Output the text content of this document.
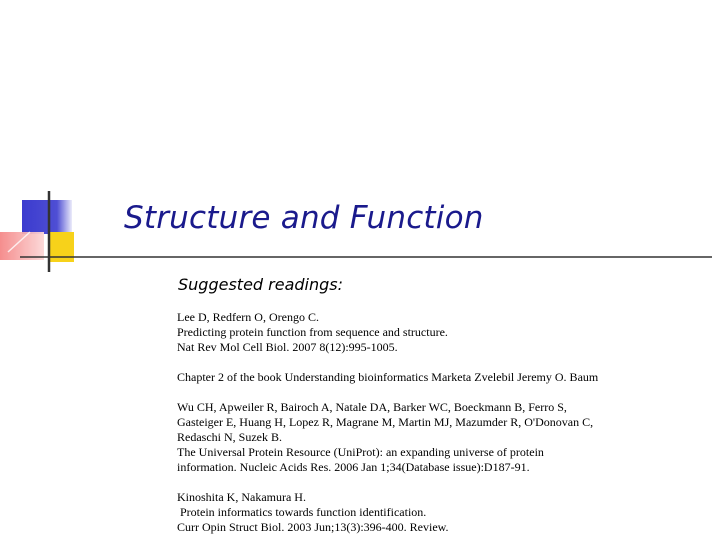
Structure and Function
Suggested readings:

Lee D, Redfern O, Orengo C.
Predicting protein function from sequence and structure.
Nat Rev Mol Cell Biol. 2007 8(12):995-1005.

Chapter 2 of the book Understanding bioinformatics Marketa Zvelebil Jeremy O. Baum

Wu CH, Apweiler R, Bairoch A, Natale DA, Barker WC, Boeckmann B, Ferro S,
Gasteiger E, Huang H, Lopez R, Magrane M, Martin MJ, Mazumder R, O'Donovan C,
Redaschi N, Suzek B.
The Universal Protein Resource (UniProt): an expanding universe of protein
information. Nucleic Acids Res. 2006 Jan 1;34(Database issue):D187-91.

Kinoshita K, Nakamura H.
Protein informatics towards function identification.
Curr Opin Struct Biol. 2003 Jun;13(3):396-400. Review.
